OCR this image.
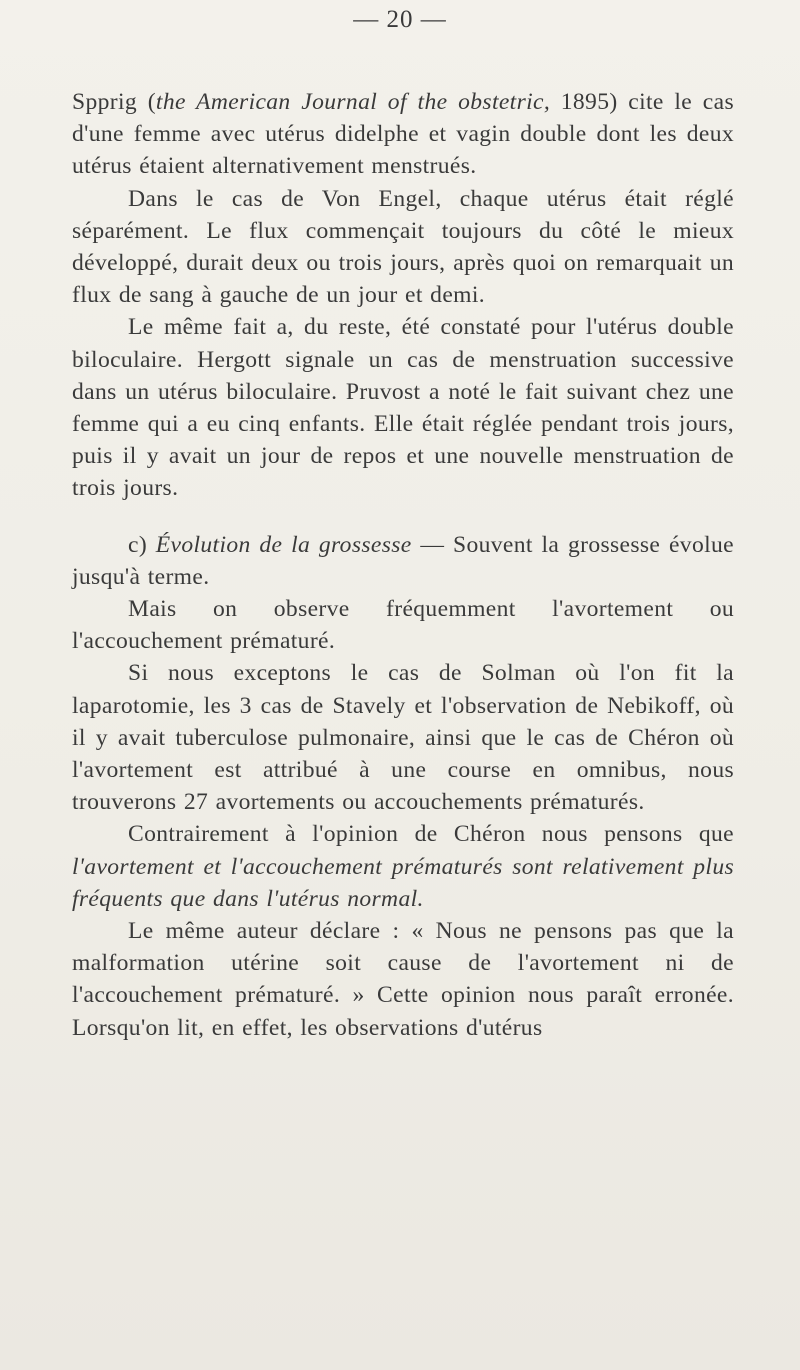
— 20 —

Spprig (the American Journal of the obstetric, 1895) cite le cas d'une femme avec utérus didelphe et vagin double dont les deux utérus étaient alternativement menstrués.

Dans le cas de Von Engel, chaque utérus était réglé séparément. Le flux commençait toujours du côté le mieux développé, durait deux ou trois jours, après quoi on remarquait un flux de sang à gauche de un jour et demi.

Le même fait a, du reste, été constaté pour l'utérus double biloculaire. Hergott signale un cas de menstruation successive dans un utérus biloculaire. Pruvost a noté le fait suivant chez une femme qui a eu cinq enfants. Elle était réglée pendant trois jours, puis il y avait un jour de repos et une nouvelle menstruation de trois jours.

c) Évolution de la grossesse — Souvent la grossesse évolue jusqu'à terme.

Mais on observe fréquemment l'avortement ou l'accouchement prématuré.

Si nous exceptons le cas de Solman où l'on fit la laparotomie, les 3 cas de Stavely et l'observation de Nebikoff, où il y avait tuberculose pulmonaire, ainsi que le cas de Chéron où l'avortement est attribué à une course en omnibus, nous trouverons 27 avortements ou accouchements prématurés.

Contrairement à l'opinion de Chéron nous pensons que l'avortement et l'accouchement prématurés sont relativement plus fréquents que dans l'utérus normal.

Le même auteur déclare : « Nous ne pensons pas que la malformation utérine soit cause de l'avortement ni de l'accouchement prématuré. » Cette opinion nous paraît erronée. Lorsqu'on lit, en effet, les observations d'utérus
